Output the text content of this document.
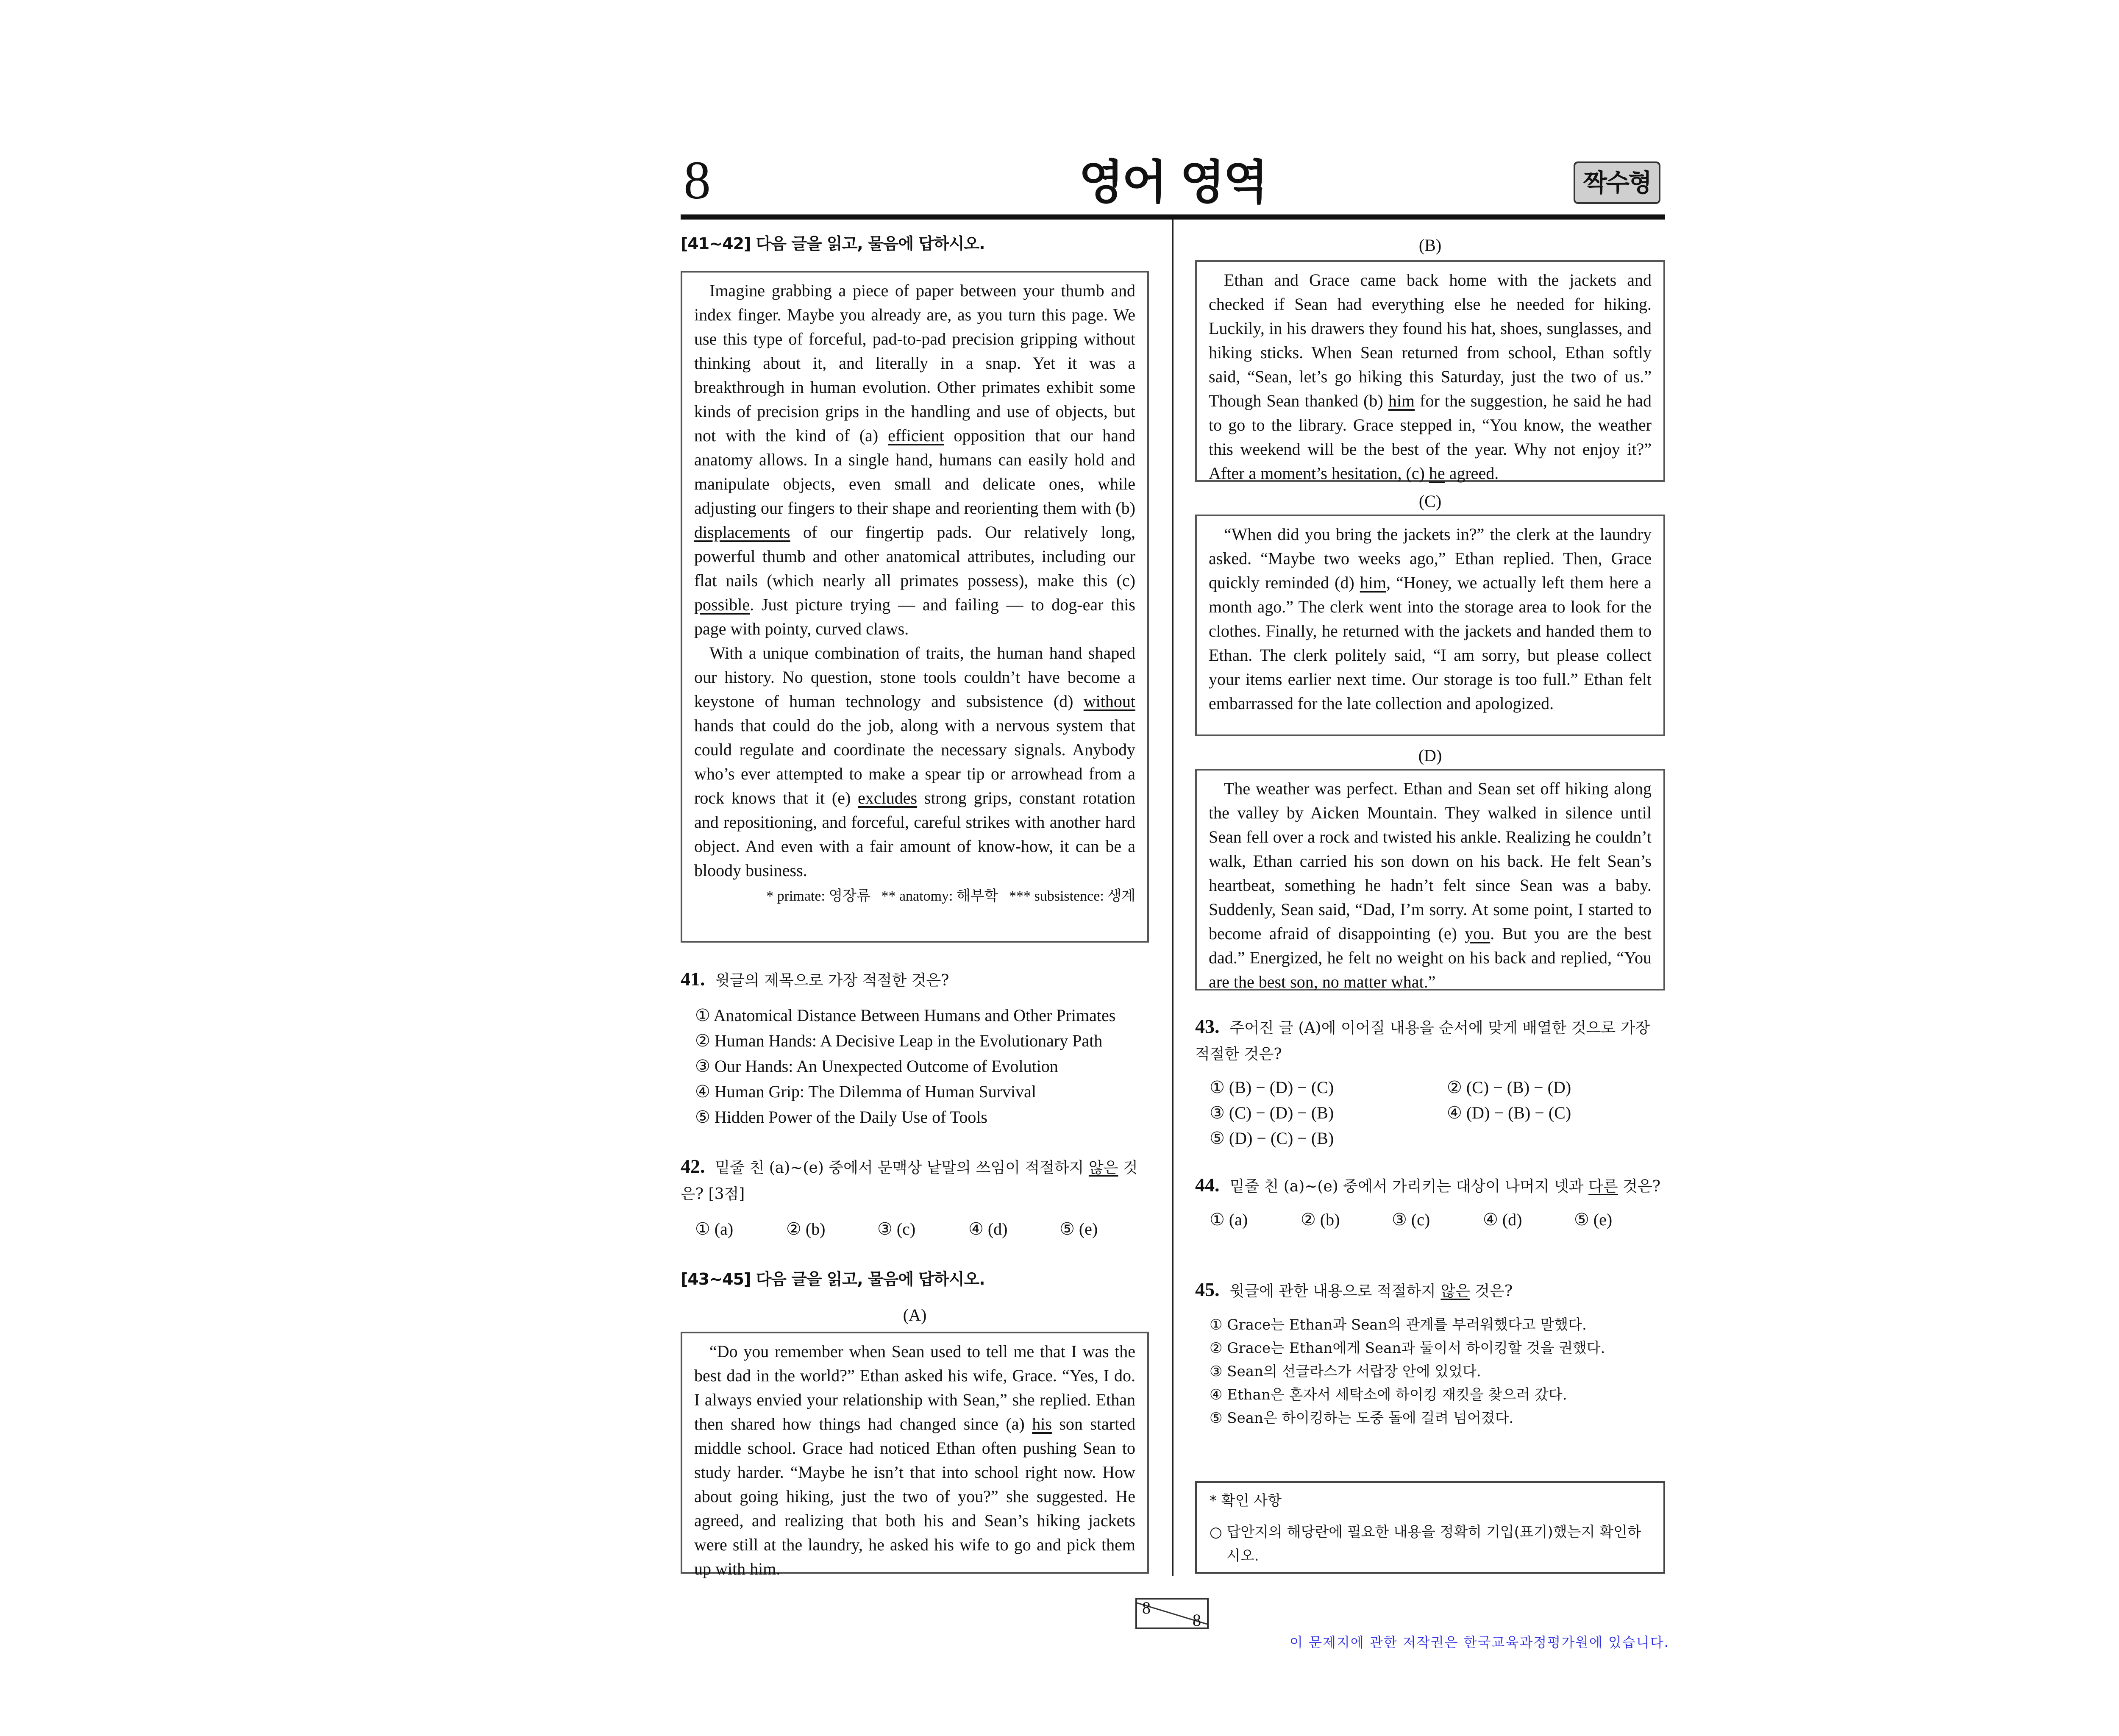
8	영어 영역	짝수형
[41~42] 다음 글을 읽고, 물음에 답하시오.

Imagine grabbing a piece of paper between your thumb and index finger. Maybe you already are, as you turn this page. We use this type of forceful, pad-to-pad precision gripping without thinking about it, and literally in a snap. Yet it was a breakthrough in human evolution. Other primates exhibit some kinds of precision grips in the handling and use of objects, but not with the kind of (a) efficient opposition that our hand anatomy allows. In a single hand, humans can easily hold and manipulate objects, even small and delicate ones, while adjusting our fingers to their shape and reorienting them with (b) displacements of our fingertip pads. Our relatively long, powerful thumb and other anatomical attributes, including our flat nails (which nearly all primates possess), make this (c) possible. Just picture trying — and failing — to dog-ear this page with pointy, curved claws.

With a unique combination of traits, the human hand shaped our history. No question, stone tools couldn’t have become a keystone of human technology and subsistence (d) without hands that could do the job, along with a nervous system that could regulate and coordinate the necessary signals. Anybody who’s ever attempted to make a spear tip or arrowhead from a rock knows that it (e) excludes strong grips, constant rotation and repositioning, and forceful, careful strikes with another hard object. And even with a fair amount of know-how, it can be a bloody business.

* primate: 영장류   ** anatomy: 해부학   *** subsistence: 생계
41. 윗글의 제목으로 가장 적절한 것은?
① Anatomical Distance Between Humans and Other Primates
② Human Hands: A Decisive Leap in the Evolutionary Path
③ Our Hands: An Unexpected Outcome of Evolution
④ Human Grip: The Dilemma of Human Survival
⑤ Hidden Power of the Daily Use of Tools
42. 밑줄 친 (a)~(e) 중에서 문맥상 낱말의 쓰임이 적절하지 않은 것은? [3점]
① (a)	② (b)	③ (c)	④ (d)	⑤ (e)
[43~45] 다음 글을 읽고, 물음에 답하시오.
(A)

“Do you remember when Sean used to tell me that I was the best dad in the world?” Ethan asked his wife, Grace. “Yes, I do. I always envied your relationship with Sean,” she replied. Ethan then shared how things had changed since (a) his son started middle school. Grace had noticed Ethan often pushing Sean to study harder. “Maybe he isn’t that into school right now. How about going hiking, just the two of you?” she suggested. He agreed, and realizing that both his and Sean’s hiking jackets were still at the laundry, he asked his wife to go and pick them up with him.

(B)

Ethan and Grace came back home with the jackets and checked if Sean had everything else he needed for hiking. Luckily, in his drawers they found his hat, shoes, sunglasses, and hiking sticks. When Sean returned from school, Ethan softly said, “Sean, let’s go hiking this Saturday, just the two of us.” Though Sean thanked (b) him for the suggestion, he said he had to go to the library. Grace stepped in, “You know, the weather this weekend will be the best of the year. Why not enjoy it?” After a moment’s hesitation, (c) he agreed.

(C)

“When did you bring the jackets in?” the clerk at the laundry asked. “Maybe two weeks ago,” Ethan replied. Then, Grace quickly reminded (d) him, “Honey, we actually left them here a month ago.” The clerk went into the storage area to look for the clothes. Finally, he returned with the jackets and handed them to Ethan. The clerk politely said, “I am sorry, but please collect your items earlier next time. Our storage is too full.” Ethan felt embarrassed for the late collection and apologized.

(D)

The weather was perfect. Ethan and Sean set off hiking along the valley by Aicken Mountain. They walked in silence until Sean fell over a rock and twisted his ankle. Realizing he couldn’t walk, Ethan carried his son down on his back. He felt Sean’s heartbeat, something he hadn’t felt since Sean was a baby. Suddenly, Sean said, “Dad, I’m sorry. At some point, I started to become afraid of disappointing (e) you. But you are the best dad.” Energized, he felt no weight on his back and replied, “You are the best son, no matter what.”

43. 주어진 글 (A)에 이어질 내용을 순서에 맞게 배열한 것으로 가장 적절한 것은?
① (B) − (D) − (C)	② (C) − (B) − (D)
③ (C) − (D) − (B)	④ (D) − (B) − (C)
⑤ (D) − (C) − (B)
44. 밑줄 친 (a)~(e) 중에서 가리키는 대상이 나머지 넷과 다른 것은?
① (a)	② (b)	③ (c)	④ (d)	⑤ (e)
45. 윗글에 관한 내용으로 적절하지 않은 것은?
① Grace는 Ethan과 Sean의 관계를 부러워했다고 말했다.
② Grace는 Ethan에게 Sean과 둘이서 하이킹할 것을 권했다.
③ Sean의 선글라스가 서랍장 안에 있었다.
④ Ethan은 혼자서 세탁소에 하이킹 재킷을 찾으러 갔다.
⑤ Sean은 하이킹하는 도중 돌에 걸려 넘어졌다.
* 확인 사항
○ 답안지의 해당란에 필요한 내용을 정확히 기입(표기)했는지 확인하시오.
8
8
이 문제지에 관한 저작권은 한국교육과정평가원에 있습니다.
